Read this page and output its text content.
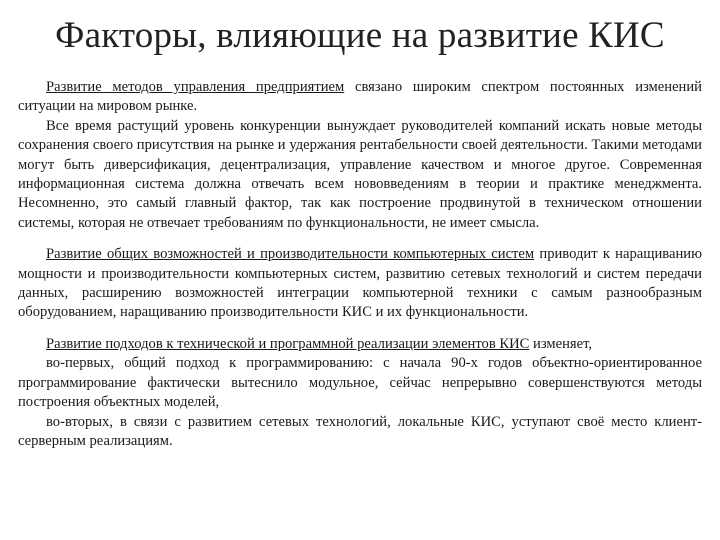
Факторы, влияющие на развитие КИС

Развитие методов управления предприятием связано широким спектром постоянных изменений ситуации на мировом рынке.

Все время растущий уровень конкуренции вынуждает руководителей компаний искать новые методы сохранения своего присутствия на рынке и удержания рентабельности своей деятельности. Такими методами могут быть диверсификация, децентрализация, управление качеством и многое другое. Современная информационная система должна отвечать всем нововведениям в теории и практике менеджмента. Несомненно, это самый главный фактор, так как построение продвинутой в техническом отношении системы, которая не отвечает требованиям по функциональности, не имеет смысла.

Развитие общих возможностей и производительности компьютерных систем приводит к наращиванию мощности и производительности компьютерных систем, развитию сетевых технологий и систем передачи данных, расширению возможностей интеграции компьютерной техники с самым разнообразным оборудованием, наращиванию производительности КИС и их функциональности.

Развитие подходов к технической и программной реализации элементов КИС изменяет,

во-первых, общий подход к программированию: с начала 90-х годов объектно-ориентированное программирование фактически вытеснило модульное, сейчас непрерывно совершенствуются методы построения объектных моделей,

во-вторых, в связи с развитием сетевых технологий, локальные КИС, уступают своё место клиент-серверным реализациям.
